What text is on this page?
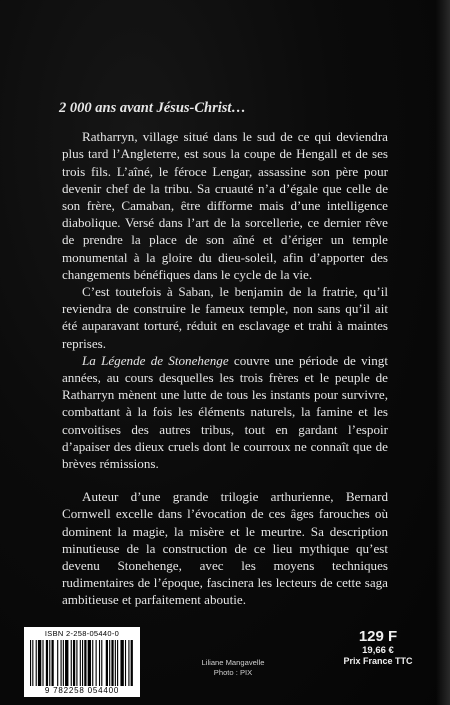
2 000 ans avant Jésus-Christ…

Ratharryn, village situé dans le sud de ce qui deviendra plus tard l’Angleterre, est sous la coupe de Hengall et de ses trois fils. L’aîné, le féroce Lengar, assassine son père pour devenir chef de la tribu. Sa cruauté n’a d’égale que celle de son frère, Camaban, être difforme mais d’une intelligence diabolique. Versé dans l’art de la sorcellerie, ce dernier rêve de prendre la place de son aîné et d’ériger un temple monumental à la gloire du dieu-soleil, afin d’apporter des changements bénéfiques dans le cycle de la vie.

C’est toutefois à Saban, le benjamin de la fratrie, qu’il reviendra de construire le fameux temple, non sans qu’il ait été auparavant torturé, réduit en esclavage et trahi à maintes reprises.

La Légende de Stonehenge couvre une période de vingt années, au cours desquelles les trois frères et le peuple de Ratharryn mènent une lutte de tous les instants pour survivre, combattant à la fois les éléments naturels, la famine et les convoitises des autres tribus, tout en gardant l’espoir d’apaiser des dieux cruels dont le courroux ne connaît que de brèves rémissions.

Auteur d’une grande trilogie arthurienne, Bernard Cornwell excelle dans l’évocation de ces âges farouches où dominent la magie, la misère et le meurtre. Sa description minutieuse de la construction de ce lieu mythique qu’est devenu Stonehenge, avec les moyens techniques rudimentaires de l’époque, fascinera les lecteurs de cette saga ambitieuse et parfaitement aboutie.

ISBN 2-258-05440-0
9 782258 054400
Liliane Mangavelle
Photo : PIX
129 F
19,66 €
Prix France TTC
